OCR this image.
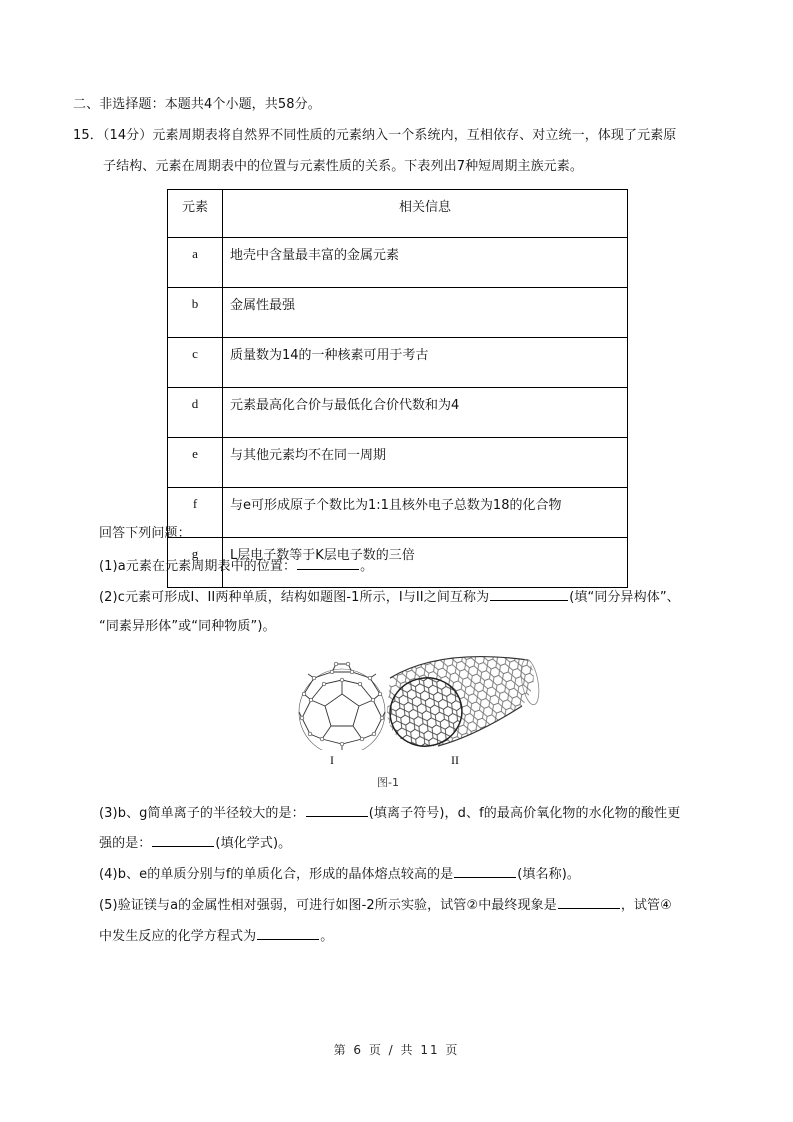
二、非选择题：本题共4个小题，共58分。
15．（14分）元素周期表将自然界不同性质的元素纳入一个系统内，互相依存、对立统一，体现了元素原
子结构、元素在周期表中的位置与元素性质的关系。下表列出7种短周期主族元素。
元素	相关信息
a	地壳中含量最丰富的金属元素
b	金属性最强
c	质量数为14的一种核素可用于考古
d	元素最高化合价与最低化合价代数和为4
e	与其他元素均不在同一周期
f	与e可形成原子个数比为1:1且核外电子总数为18的化合物
g	L层电子数等于K层电子数的三倍
回答下列问题：
(1)a元素在元素周期表中的位置：	。
(2)c元素可形成I、II两种单质，结构如题图-1所示，I与II之间互称为	(填“同分异构体”、
“同素异形体”或“同种物质”)。
I	II
图-1
(3)b、g简单离子的半径较大的是：	(填离子符号)，d、f的最高价氧化物的水化物的酸性更
强的是：	(填化学式)。
(4)b、e的单质分别与f的单质化合，形成的晶体熔点较高的是	(填名称)。
(5)验证镁与a的金属性相对强弱，可进行如图-2所示实验，试管②中最终现象是	，试管④
中发生反应的化学方程式为	。
第 6 页 / 共 11 页
